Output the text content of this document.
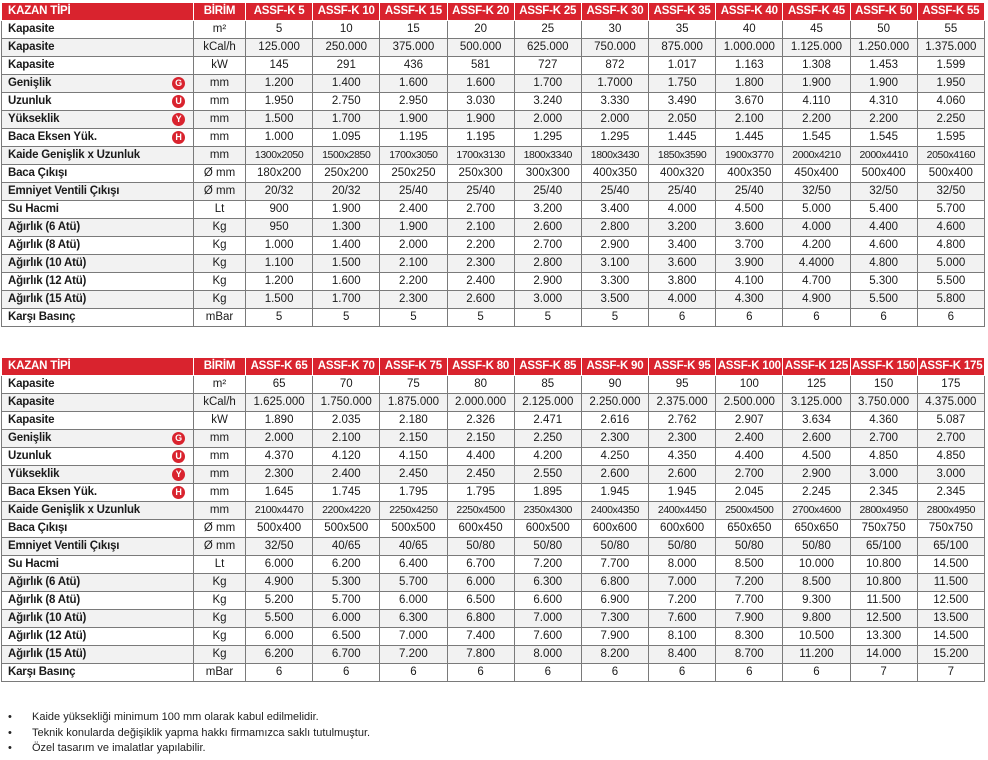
KAZAN TİPİ	BİRİM	ASSF-K 5	ASSF-K 10	ASSF-K 15	ASSF-K 20	ASSF-K 25	ASSF-K 30	ASSF-K 35	ASSF-K 40	ASSF-K 45	ASSF-K 50	ASSF-K 55
Kapasite	m²	5	10	15	20	25	30	35	40	45	50	55
Kapasite	kCal/h	125.000	250.000	375.000	500.000	625.000	750.000	875.000	1.000.000	1.125.000	1.250.000	1.375.000
Kapasite	kW	145	291	436	581	727	872	1.017	1.163	1.308	1.453	1.599
Genişlik G	mm	1.200	1.400	1.600	1.600	1.700	1.7000	1.750	1.800	1.900	1.900	1.950
Uzunluk U	mm	1.950	2.750	2.950	3.030	3.240	3.330	3.490	3.670	4.110	4.310	4.060
Yükseklik Y	mm	1.500	1.700	1.900	1.900	2.000	2.000	2.050	2.100	2.200	2.200	2.250
Baca Eksen Yük. H	mm	1.000	1.095	1.195	1.195	1.295	1.295	1.445	1.445	1.545	1.545	1.595
Kaide Genişlik x Uzunluk	mm	1300x2050	1500x2850	1700x3050	1700x3130	1800x3340	1800x3430	1850x3590	1900x3770	2000x4210	2000x4410	2050x4160
Baca Çıkışı	Ø mm	180x200	250x200	250x250	250x300	300x300	400x350	400x320	400x350	450x400	500x400	500x400
Emniyet Ventili Çıkışı	Ø mm	20/32	20/32	25/40	25/40	25/40	25/40	25/40	25/40	32/50	32/50	32/50
Su Hacmi	Lt	900	1.900	2.400	2.700	3.200	3.400	4.000	4.500	5.000	5.400	5.700
Ağırlık (6 Atü)	Kg	950	1.300	1.900	2.100	2.600	2.800	3.200	3.600	4.000	4.400	4.600
Ağırlık (8 Atü)	Kg	1.000	1.400	2.000	2.200	2.700	2.900	3.400	3.700	4.200	4.600	4.800
Ağırlık (10 Atü)	Kg	1.100	1.500	2.100	2.300	2.800	3.100	3.600	3.900	4.4000	4.800	5.000
Ağırlık (12 Atü)	Kg	1.200	1.600	2.200	2.400	2.900	3.300	3.800	4.100	4.700	5.300	5.500
Ağırlık (15 Atü)	Kg	1.500	1.700	2.300	2.600	3.000	3.500	4.000	4.300	4.900	5.500	5.800
Karşı Basınç	mBar	5	5	5	5	5	5	6	6	6	6	6
KAZAN TİPİ	BİRİM	ASSF-K 65	ASSF-K 70	ASSF-K 75	ASSF-K 80	ASSF-K 85	ASSF-K 90	ASSF-K 95	ASSF-K 100	ASSF-K 125	ASSF-K 150	ASSF-K 175
Kapasite	m²	65	70	75	80	85	90	95	100	125	150	175
Kapasite	kCal/h	1.625.000	1.750.000	1.875.000	2.000.000	2.125.000	2.250.000	2.375.000	2.500.000	3.125.000	3.750.000	4.375.000
Kapasite	kW	1.890	2.035	2.180	2.326	2.471	2.616	2.762	2.907	3.634	4.360	5.087
Genişlik G	mm	2.000	2.100	2.150	2.150	2.250	2.300	2.300	2.400	2.600	2.700	2.700
Uzunluk U	mm	4.370	4.120	4.150	4.400	4.200	4.250	4.350	4.400	4.500	4.850	4.850
Yükseklik Y	mm	2.300	2.400	2.450	2.450	2.550	2.600	2.600	2.700	2.900	3.000	3.000
Baca Eksen Yük. H	mm	1.645	1.745	1.795	1.795	1.895	1.945	1.945	2.045	2.245	2.345	2.345
Kaide Genişlik x Uzunluk	mm	2100x4470	2200x4220	2250x4250	2250x4500	2350x4300	2400x4350	2400x4450	2500x4500	2700x4600	2800x4950	2800x4950
Baca Çıkışı	Ø mm	500x400	500x500	500x500	600x450	600x500	600x600	600x600	650x650	650x650	750x750	750x750
Emniyet Ventili Çıkışı	Ø mm	32/50	40/65	40/65	50/80	50/80	50/80	50/80	50/80	50/80	65/100	65/100
Su Hacmi	Lt	6.000	6.200	6.400	6.700	7.200	7.700	8.000	8.500	10.000	10.800	14.500
Ağırlık (6 Atü)	Kg	4.900	5.300	5.700	6.000	6.300	6.800	7.000	7.200	8.500	10.800	11.500
Ağırlık (8 Atü)	Kg	5.200	5.700	6.000	6.500	6.600	6.900	7.200	7.700	9.300	11.500	12.500
Ağırlık (10 Atü)	Kg	5.500	6.000	6.300	6.800	7.000	7.300	7.600	7.900	9.800	12.500	13.500
Ağırlık (12 Atü)	Kg	6.000	6.500	7.000	7.400	7.600	7.900	8.100	8.300	10.500	13.300	14.500
Ağırlık (15 Atü)	Kg	6.200	6.700	7.200	7.800	8.000	8.200	8.400	8.700	11.200	14.000	15.200
Karşı Basınç	mBar	6	6	6	6	6	6	6	6	6	7	7
• Kaide yüksekliği minimum 100 mm olarak kabul edilmelidir.
• Teknik konularda değişiklik yapma hakkı firmamızca saklı tutulmuştur.
• Özel tasarım ve imalatlar yapılabilir.
